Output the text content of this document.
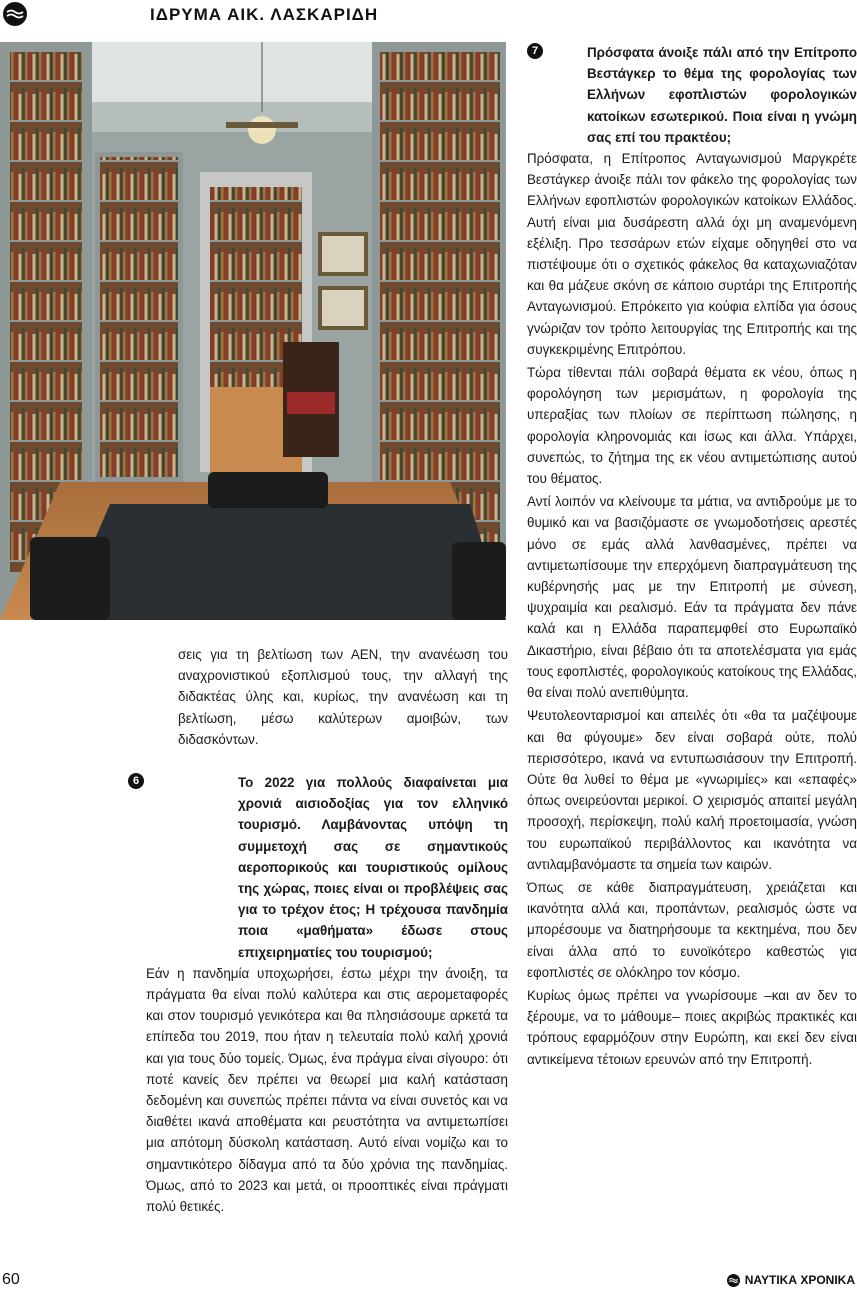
ΙΔΡΥΜΑ ΑΙΚ. ΛΑΣΚΑΡΙΔΗ

σεις για τη βελτίωση των ΑΕΝ, την ανανέωση του αναχρονιστικού εξοπλισμού τους, την αλλαγή της διδακτέας ύλης και, κυρίως, την ανανέωση και τη βελτίωση, μέσω καλύτερων αμοιβών, των διδασκόντων.

6	Το 2022 για πολλούς διαφαίνεται μια χρονιά αισιοδοξίας για τον ελληνικό τουρισμό. Λαμβάνοντας υπόψη τη συμμετοχή σας σε σημαντικούς αεροπορικούς και τουριστικούς ομίλους της χώρας, ποιες είναι οι προβλέψεις σας για το τρέχον έτος; Η τρέχουσα πανδημία ποια «μαθήματα» έδωσε στους επιχειρηματίες του τουρισμού;

Εάν η πανδημία υποχωρήσει, έστω μέχρι την άνοιξη, τα πράγματα θα είναι πολύ καλύτερα και στις αερομεταφορές και στον τουρισμό γενικότερα και θα πλησιάσουμε αρκετά τα επίπεδα του 2019, που ήταν η τελευταία πολύ καλή χρονιά και για τους δύο τομείς. Όμως, ένα πράγμα είναι σίγουρο: ότι ποτέ κανείς δεν πρέπει να θεωρεί μια καλή κατάσταση δεδομένη και συνεπώς πρέπει πάντα να είναι συνετός και να διαθέτει ικανά αποθέματα και ρευστότητα να αντιμετωπίσει μια απότομη δύσκολη κατάσταση. Αυτό είναι νομίζω και το σημαντικότερο δίδαγμα από τα δύο χρόνια της πανδημίας. Όμως, από το 2023 και μετά, οι προοπτικές είναι πράγματι πολύ θετικές.

7	Πρόσφατα άνοιξε πάλι από την Επίτροπο Βεστάγκερ το θέμα της φορολογίας των Ελλήνων εφοπλιστών φορολογικών κατοίκων εσωτερικού. Ποια είναι η γνώμη σας επί του πρακτέου;

Πρόσφατα, η Επίτροπος Ανταγωνισμού Μαργκρέτε Βεστάγκερ άνοιξε πάλι τον φάκελο της φορολογίας των Ελλήνων εφοπλιστών φορολογικών κατοίκων Ελλάδος. Αυτή είναι μια δυσάρεστη αλλά όχι μη αναμενόμενη εξέλιξη. Προ τεσσάρων ετών είχαμε οδηγηθεί στο να πιστέψουμε ότι ο σχετικός φάκελος θα καταχωνιαζόταν και θα μάζευε σκόνη σε κάποιο συρτάρι της Επιτροπής Ανταγωνισμού. Επρόκειτο για κούφια ελπίδα για όσους γνώριζαν τον τρόπο λειτουργίας της Επιτροπής και της συγκεκριμένης Επιτρόπου.

Τώρα τίθενται πάλι σοβαρά θέματα εκ νέου, όπως η φορολόγηση των μερισμάτων, η φορολογία της υπεραξίας των πλοίων σε περίπτωση πώλησης, η φορολογία κληρονομιάς και ίσως και άλλα. Υπάρχει, συνεπώς, το ζήτημα της εκ νέου αντιμετώπισης αυτού του θέματος.

Αντί λοιπόν να κλείνουμε τα μάτια, να αντιδρούμε με το θυμικό και να βασιζόμαστε σε γνωμοδοτήσεις αρεστές μόνο σε εμάς αλλά λανθασμένες, πρέπει να αντιμετωπίσουμε την επερχόμενη διαπραγμάτευση της κυβέρνησής μας με την Επιτροπή με σύνεση, ψυχραιμία και ρεαλισμό. Εάν τα πράγματα δεν πάνε καλά και η Ελλάδα παραπεμφθεί στο Ευρωπαϊκό Δικαστήριο, είναι βέβαιο ότι τα αποτελέσματα για εμάς τους εφοπλιστές, φορολογικούς κατοίκους της Ελλάδας, θα είναι πολύ ανεπιθύμητα.

Ψευτολεονταρισμοί και απειλές ότι «θα τα μαζέψουμε και θα φύγουμε» δεν είναι σοβαρά ούτε, πολύ περισσότερο, ικανά να εντυπωσιάσουν την Επιτροπή. Ούτε θα λυθεί το θέμα με «γνωριμίες» και «επαφές» όπως ονειρεύονται μερικοί. Ο χειρισμός απαιτεί μεγάλη προσοχή, περίσκεψη, πολύ καλή προετοιμασία, γνώση του ευρωπαϊκού περιβάλλοντος και ικανότητα να αντιλαμβανόμαστε τα σημεία των καιρών.

Όπως σε κάθε διαπραγμάτευση, χρειάζεται και ικανότητα αλλά και, προπάντων, ρεαλισμός ώστε να μπορέσουμε να διατηρήσουμε τα κεκτημένα, που δεν είναι άλλα από το ευνοϊκότερο καθεστώς για εφοπλιστές σε ολόκληρο τον κόσμο.

Κυρίως όμως πρέπει να γνωρίσουμε –και αν δεν το ξέρουμε, να το μάθουμε– ποιες ακριβώς πρακτικές και τρόπους εφαρμόζουν στην Ευρώπη, και εκεί δεν είναι αντικείμενα τέτοιων ερευνών από την Επιτροπή.

60	ΝΑΥΤΙΚΑ ΧΡΟΝΙΚΑ
